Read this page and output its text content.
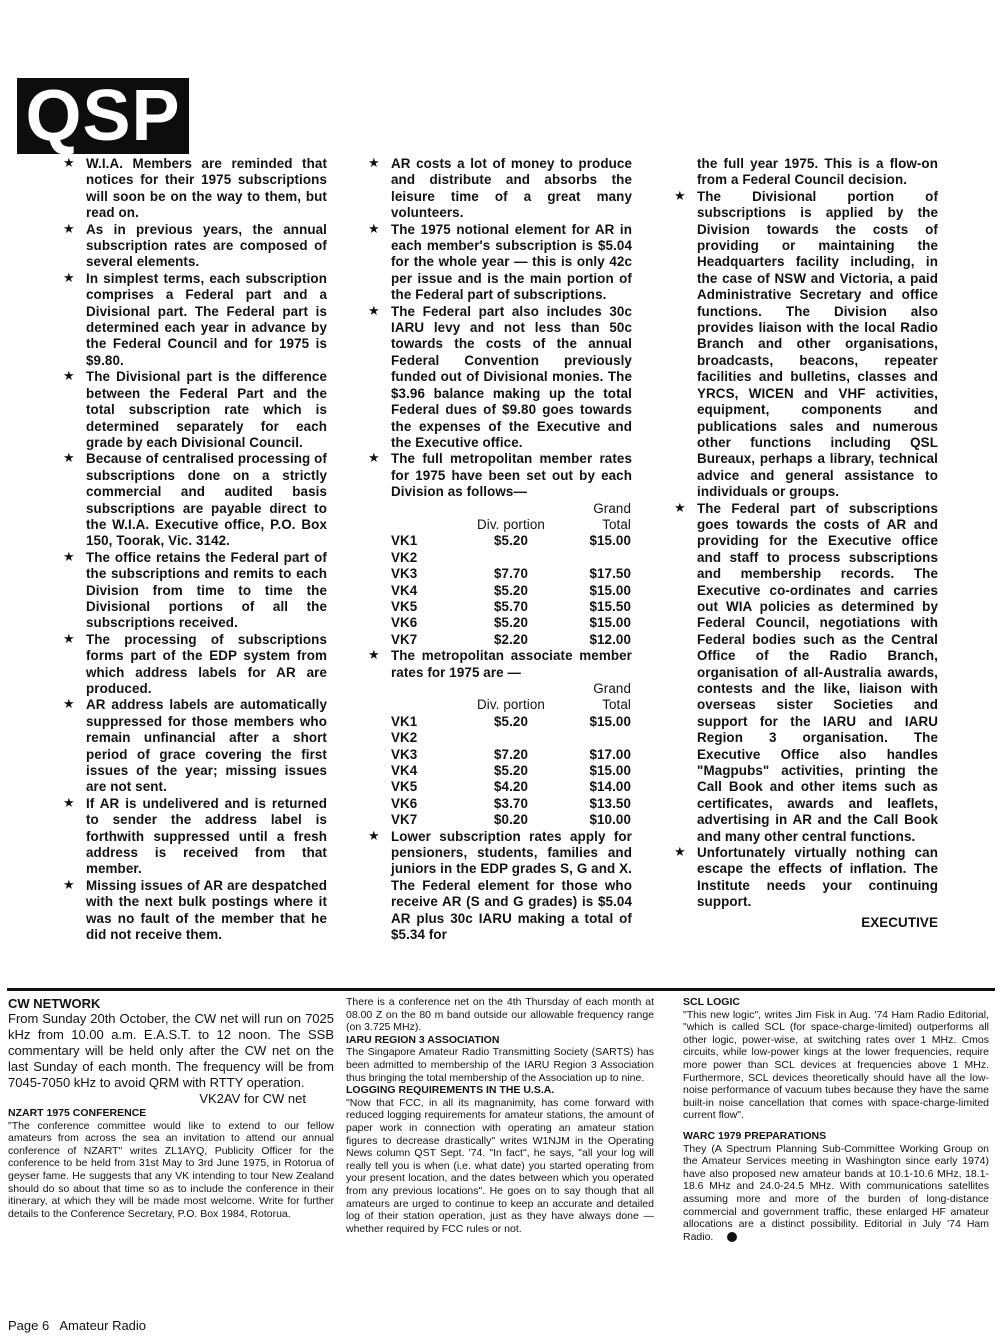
QSP
★ W.I.A. Members are reminded that notices for their 1975 subscriptions will soon be on the way to them, but read on.
★ As in previous years, the annual subscription rates are composed of several elements.
★ In simplest terms, each subscription comprises a Federal part and a Divisional part. The Federal part is determined each year in advance by the Federal Council and for 1975 is $9.80.
★ The Divisional part is the difference between the Federal Part and the total subscription rate which is determined separately for each grade by each Divisional Council.
★ Because of centralised processing of subscriptions done on a strictly commercial and audited basis subscriptions are payable direct to the W.I.A. Executive office, P.O. Box 150, Toorak, Vic. 3142.
★ The office retains the Federal part of the subscriptions and remits to each Division from time to time the Divisional portions of all the subscriptions received.
★ The processing of subscriptions forms part of the EDP system from which address labels for AR are produced.
★ AR address labels are automatically suppressed for those members who remain unfinancial after a short period of grace covering the first issues of the year; missing issues are not sent.
★ If AR is undelivered and is returned to sender the address label is forthwith suppressed until a fresh address is received from that member.
★ Missing issues of AR are despatched with the next bulk postings where it was no fault of the member that he did not receive them.
★ AR costs a lot of money to produce and distribute and absorbs the leisure time of a great many volunteers.
★ The 1975 notional element for AR in each member's subscription is $5.04 for the whole year — this is only 42c per issue and is the main portion of the Federal part of subscriptions.
★ The Federal part also includes 30c IARU levy and not less than 50c towards the costs of the annual Federal Convention previously funded out of Divisional monies. The $3.96 balance making up the total Federal dues of $9.80 goes towards the expenses of the Executive and the Executive office.
★ The full metropolitan member rates for 1975 have been set out by each Division as follows—
		Grand
	Div. portion	Total
VK1	$5.20	$15.00
VK2		
VK3	$7.70	$17.50
VK4	$5.20	$15.00
VK5	$5.70	$15.50
VK6	$5.20	$15.00
VK7	$2.20	$12.00
★ The metropolitan associate member rates for 1975 are —
		Grand
	Div. portion	Total
VK1	$5.20	$15.00
VK2		
VK3	$7.20	$17.00
VK4	$5.20	$15.00
VK5	$4.20	$14.00
VK6	$3.70	$13.50
VK7	$0.20	$10.00
★ Lower subscription rates apply for pensioners, students, families and juniors in the EDP grades S, G and X. The Federal element for those who receive AR (S and G grades) is $5.04 AR plus 30c IARU making a total of $5.34 for

the full year 1975. This is a flow-on from a Federal Council decision.

★ The Divisional portion of subscriptions is applied by the Division towards the costs of providing or maintaining the Headquarters facility including, in the case of NSW and Victoria, a paid Administrative Secretary and office functions. The Division also provides liaison with the local Radio Branch and other organisations, broadcasts, beacons, repeater facilities and bulletins, classes and YRCS, WICEN and VHF activities, equipment, components and publications sales and numerous other functions including QSL Bureaux, perhaps a library, technical advice and general assistance to individuals or groups.
★ The Federal part of subscriptions goes towards the costs of AR and providing for the Executive office and staff to process subscriptions and membership records. The Executive co-ordinates and carries out WIA policies as determined by Federal Council, negotiations with Federal bodies such as the Central Office of the Radio Branch, organisation of all-Australia awards, contests and the like, liaison with overseas sister Societies and support for the IARU and IARU Region 3 organisation. The Executive Office also handles "Magpubs" activities, printing the Call Book and other items such as certificates, awards and leaflets, advertising in AR and the Call Book and many other central functions.
★ Unfortunately virtually nothing can escape the effects of inflation. The Institute needs your continuing support.

EXECUTIVE

CW NETWORK

From Sunday 20th October, the CW net will run on 7025 kHz from 10.00 a.m. E.A.S.T. to 12 noon. The SSB commentary will be held only after the CW net on the last Sunday of each month. The frequency will be from 7045-7050 kHz to avoid QRM with RTTY operation.

VK2AV for CW net

NZART 1975 CONFERENCE

"The conference committee would like to extend to our fellow amateurs from across the sea an invitation to attend our annual conference of NZART" writes ZL1AYQ, Publicity Officer for the conference to be held from 31st May to 3rd June 1975, in Rotorua of geyser fame. He suggests that any VK intending to tour New Zealand should do so about that time so as to include the conference in their itinerary, at which they will be made most welcome. Write for further details to the Conference Secretary, P.O. Box 1984, Rotorua.

There is a conference net on the 4th Thursday of each month at 08.00 Z on the 80 m band outside our allowable frequency range (on 3.725 MHz).

IARU REGION 3 ASSOCIATION

The Singapore Amateur Radio Transmitting Society (SARTS) has been admitted to membership of the IARU Region 3 Association thus bringing the total membership of the Association up to nine.

LOGGING REQUIREMENTS IN THE U.S.A.

"Now that FCC, in all its magnanimity, has come forward with reduced logging requirements for amateur stations, the amount of paper work in connection with operating an amateur station figures to decrease drastically" writes W1NJM in the Operating News column QST Sept. '74. "In fact", he says, "all your log will really tell you is when (i.e. what date) you started operating from your present location, and the dates between which you operated from any previous locations". He goes on to say though that all amateurs are urged to continue to keep an accurate and detailed log of their station operation, just as they have always done — whether required by FCC rules or not.

SCL LOGIC

"This new logic", writes Jim Fisk in Aug. '74 Ham Radio Editorial, "which is called SCL (for space-charge-limited) outperforms all other logic, power-wise, at switching rates over 1 MHz. Cmos circuits, while low-power kings at the lower frequencies, require more power than SCL devices at frequencies above 1 MHz. Furthermore, SCL devices theoretically should have all the low-noise performance of vacuum tubes because they have the same built-in noise cancellation that comes with space-charge-limited current flow".

WARC 1979 PREPARATIONS

They (A Spectrum Planning Sub-Committee Working Group on the Amateur Services meeting in Washington since early 1974) have also proposed new amateur bands at 10.1-10.6 MHz, 18.1-18.6 MHz and 24.0-24.5 MHz. With communications satellites assuming more and more of the burden of long-distance commercial and government traffic, these enlarged HF amateur allocations are a distinct possibility. Editorial in July '74 Ham Radio.

Page 6   Amateur Radio
